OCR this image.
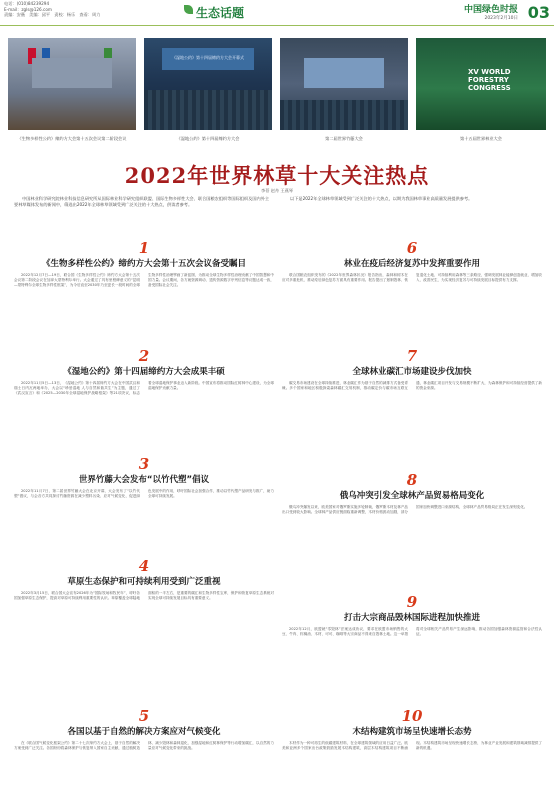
电话：(010)84239294
E-mail：zgls@126.com
责编：安薇　美编：邱平　责校：杨乐　查看：周力	生态话题	中国绿色时报
2023年2月10日 03
《生物多样性公约》缔约方大会第十五次会议第二阶段会议
《湿地公约》第十四届缔约方大会开幕式
《湿地公约》第十四届缔约方大会	第二届世界竹藤大会
XV WORLD FORESTRY CONGRESS
第十五届世界林业大会
2022年世界林草十大关注热点
李蓓 赵舟 王燕琴
中国林业科学研究院林业科技信息研究所从国际林业科学研究组织联盟、国际生物多样性大会、联合国粮农组织等国际组织及国内外主要林草媒体发布的新闻中，筛选出2022年全球林草领域受到广泛关注的十大热点，供读者参考。
以下是2022年全球林草领域受到广泛关注的十大热点，以期为我国林草事业高质量发展提供参考。
1
《生物多样性公约》缔约方大会第十五次会议备受瞩目
2022年12月7日—19日，联合国《生物多样性公约》缔约方大会第十五次会议第二阶段会议在加拿大蒙特利尔举行。大会通过了具有里程碑意义的“昆明—蒙特利尔全球生物多样性框架”，为今后直至2030年乃至更长一段时间的全球生物多样性治理擘画了新蓝图，为推动全球生物多样性治理贡献了中国智慧和中国力量。会议期间，各方就资源调动、遗传资源数字序列信息等议题达成一致，备受国际社会关注。
2
《湿地公约》第十四届缔约方大会成果丰硕
2022年11月5日—13日，《湿地公约》第十四届缔约方大会在中国武汉和瑞士日内瓦两地举办，大会以“珍爱湿地 人与自然和谐共生”为主题，通过了《武汉宣言》和《2025—2030年全球湿地保护战略框架》等21项决议，标志着全球湿地保护事业迈入新阶段。中国宣布将推动国际红树林中心建设，为全球湿地保护贡献力量。
3
世界竹藤大会发布“以竹代塑”倡议
2022年11月7日，第二届世界竹藤大会在北京开幕，大会发布了“以竹代塑”倡议，与会各方共同探讨竹藤资源在减少塑料污染、应对气候变化、促进绿色发展中的作用，呼吁国际社会加强合作，推动以竹代塑产品研发与推广，助力全球可持续发展。
4
草原生态保护和可持续利用受到广泛重视
2022年3月15日，联合国大会宣布2026年为“国际牧场和牧民年”，呼吁各国加强草原生态保护，提高对草原可持续利用重要性的认识。草原覆盖全球陆地面积的一半左右，是重要的碳汇和生物多样性宝库，保护和恢复草原生态系统对实现全球可持续发展目标具有重要意义。
5
各国以基于自然的解决方案应对气候变化
在《联合国气候变化框架公约》第二十七次缔约方大会上，基于自然的解决方案受到广泛关注。各国纷纷将森林保护与恢复纳入国家自主贡献，通过植树造林、减少毁林和森林退化、加强湿地和红树林保护等行动增加碳汇，以自然的力量应对气候变化带来的挑战。
6
林业在疫后经济复苏中发挥重要作用
联合国粮农组织发布的《2022年世界森林状况》报告指出，森林和树木在应对多重危机、推动疫后绿色复苏方面具有重要作用。报告提出了遏制毁林、恢复退化土地、可持续利用森林等三条路径，强调发展林业能够创造就业、增加收入、改善民生，为实现经济复苏与可持续发展目标提供有力支撑。
7
全球林业碳汇市场建设步伐加快
碳交易市场建设在全球持续推进，林业碳汇作为基于自然的减排方式备受青睐。多个国家和地区积极探索森林碳汇交易机制，推动碳定价与碳市场互联互通，林业碳汇项目开发与交易规模不断扩大，为森林保护和可持续经营提供了新的资金来源。
8
俄乌冲突引发全球林产品贸易格局变化
俄乌冲突爆发以来，欧美国家对俄罗斯实施多轮制裁，俄罗斯木材及林产品出口受到较大影响。全球林产品供应链面临重新调整，木材价格波动加剧，部分国家加快调整进口来源结构，全球林产品贸易格局正在发生深刻变化。
9
打击大宗商品毁林国际进程加快推进
2022年12月，欧盟就“零毁林”法案达成协议，要求在欧盟市场销售的大豆、牛肉、棕榈油、木材、可可、咖啡等大宗商品不得来自毁林土地。这一举措将对全球相关产品贸易产生深远影响，推动各国加强森林资源监管和合法性认证。
10
木结构建筑市场呈快速增长态势
木材作为一种可再生的低碳建筑材料，在全球建筑领域的应用日益广泛。欧美和亚洲多个国家出台政策鼓励发展木结构建筑，高层木结构建筑项目不断涌现。木结构建筑市场呈现快速增长态势，为林业产业发展和建筑领域减排提供了新的机遇。
